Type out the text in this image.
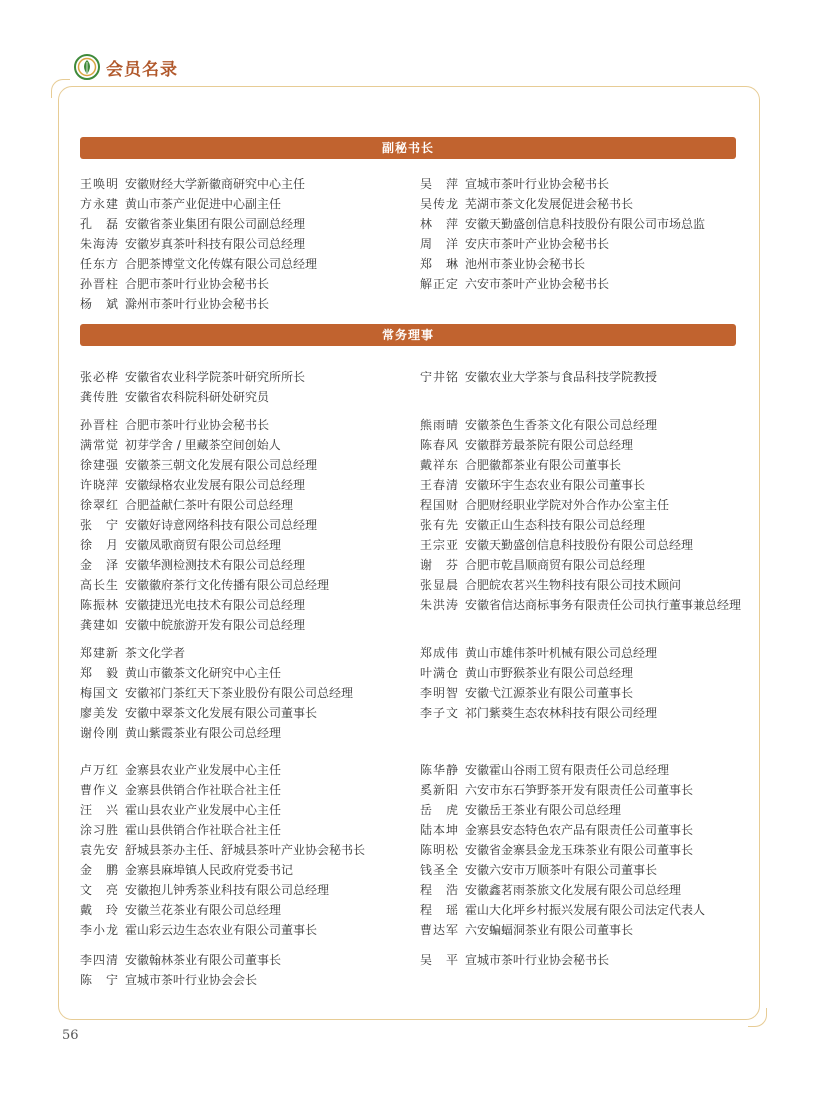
会员名录
副秘书长
王唤明 安徽财经大学新徽商研究中心主任
方永建 黄山市茶产业促进中心副主任
孔　磊 安徽省茶业集团有限公司副总经理
朱海涛 安徽岁真茶叶科技有限公司总经理
任东方 合肥茶博堂文化传媒有限公司总经理
孙晋柱 合肥市茶叶行业协会秘书长
杨　斌 滁州市茶叶行业协会秘书长
吴　萍 宣城市茶叶行业协会秘书长
吴传龙 芜湖市茶文化发展促进会秘书长
林　萍 安徽天勤盛创信息科技股份有限公司市场总监
周　洋 安庆市茶叶产业协会秘书长
郑　琳 池州市茶业协会秘书长
解正定 六安市茶叶产业协会秘书长
常务理事
张必桦 安徽省农业科学院茶叶研究所所长
龚传胜 安徽省农科院科研处研究员
宁井铭 安徽农业大学茶与食品科技学院教授
孙晋柱 合肥市茶叶行业协会秘书长
满常觉 初芽学舍 / 里藏茶空间创始人
徐建强 安徽茶三朝文化发展有限公司总经理
许晓萍 安徽绿格农业发展有限公司总经理
徐翠红 合肥益献仁茶叶有限公司总经理
张　宁 安徽好诗意网络科技有限公司总经理
徐　月 安徽凤歌商贸有限公司总经理
金　泽 安徽华测检测技术有限公司总经理
高长生 安徽徽府茶行文化传播有限公司总经理
陈振林 安徽捷迅光电技术有限公司总经理
龚建如 安徽中皖旅游开发有限公司总经理
熊雨晴 安徽茶色生香茶文化有限公司总经理
陈春风 安徽群芳最茶院有限公司总经理
戴祥东 合肥徽都茶业有限公司董事长
王春清 安徽环宇生态农业有限公司董事长
程国财 合肥财经职业学院对外合作办公室主任
张有先 安徽正山生态科技有限公司总经理
王宗亚 安徽天勤盛创信息科技股份有限公司总经理
谢　芬 合肥市乾昌顺商贸有限公司总经理
张显晨 合肥皖农茗兴生物科技有限公司技术顾问
朱洪涛 安徽省信达商标事务有限责任公司执行董事兼总经理
郑建新 茶文化学者
郑　毅 黄山市徽茶文化研究中心主任
梅国文 安徽祁门茶红天下茶业股份有限公司总经理
廖美发 安徽中翠茶文化发展有限公司董事长
谢伶刚 黄山紫霞茶业有限公司总经理
郑成伟 黄山市雄伟茶叶机械有限公司总经理
叶满仓 黄山市野猴茶业有限公司总经理
李明智 安徽弋江源茶业有限公司董事长
李子文 祁门紫葵生态农林科技有限公司经理
卢万红 金寨县农业产业发展中心主任
曹作义 金寨县供销合作社联合社主任
汪　兴 霍山县农业产业发展中心主任
涂习胜 霍山县供销合作社联合社主任
袁先安 舒城县茶办主任、舒城县茶叶产业协会秘书长
金　鹏 金寨县麻埠镇人民政府党委书记
文　亮 安徽抱儿钟秀茶业科技有限公司总经理
戴　玲 安徽兰花茶业有限公司总经理
李小龙 霍山彩云边生态农业有限公司董事长
陈华静 安徽霍山谷雨工贸有限责任公司总经理
奚新阳 六安市东石笋野茶开发有限责任公司董事长
岳　虎 安徽岳王茶业有限公司总经理
陆本坤 金寨县安态特色农产品有限责任公司董事长
陈明松 安徽省金寨县金龙玉珠茶业有限公司董事长
钱圣全 安徽六安市万顺茶叶有限公司董事长
程　浩 安徽鑫茗雨茶旅文化发展有限公司总经理
程　瑶 霍山大化坪乡村振兴发展有限公司法定代表人
曹达军 六安蝙蝠洞茶业有限公司董事长
李四清 安徽翰林茶业有限公司董事长
陈　宁 宣城市茶叶行业协会会长
吴　平 宣城市茶叶行业协会秘书长
56
